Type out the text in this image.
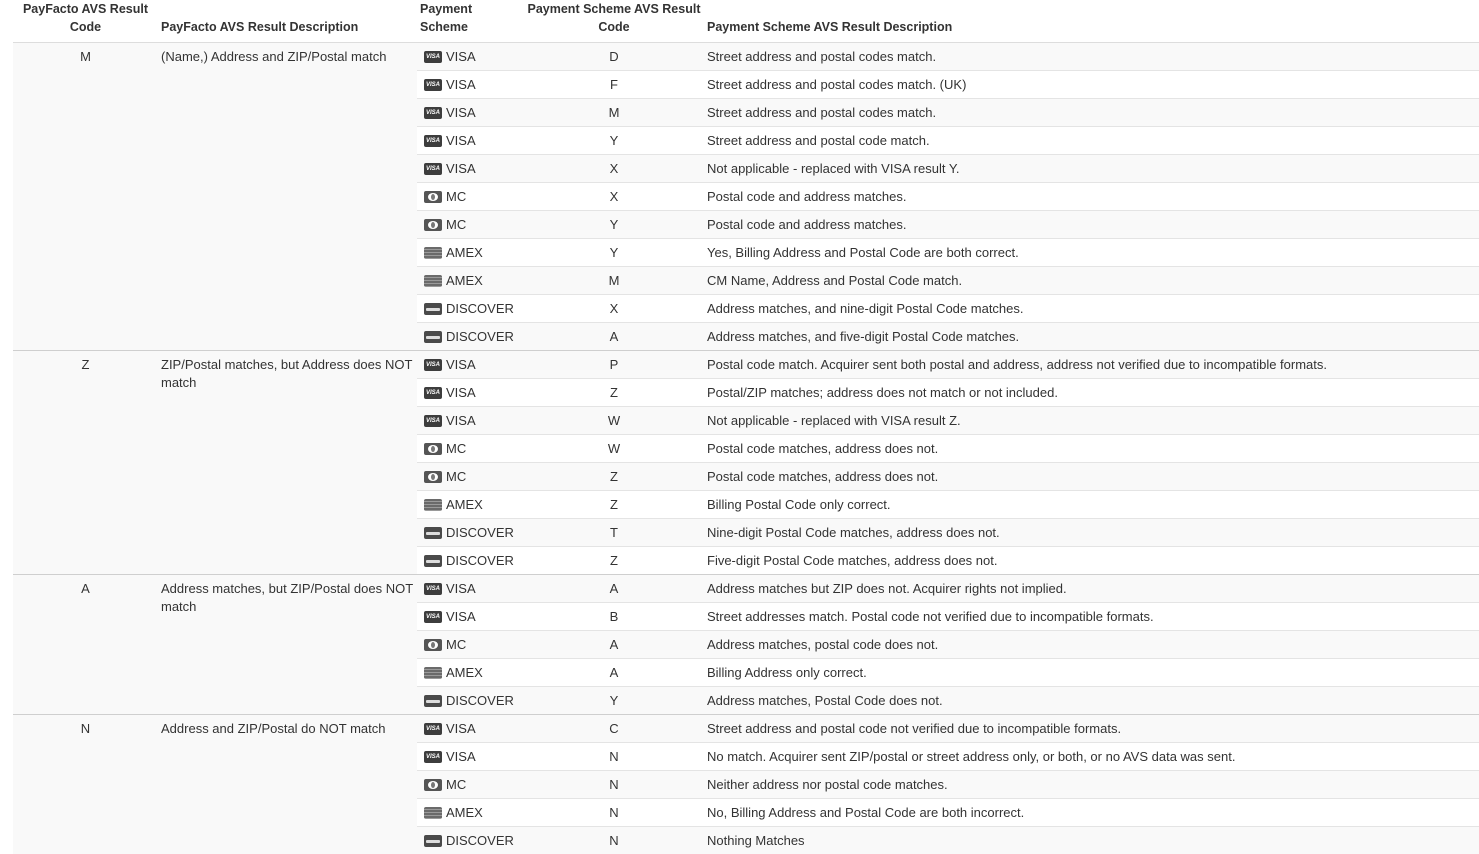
PayFacto AVS Result Code	PayFacto AVS Result Description	Payment Scheme	Payment Scheme AVS Result Code	Payment Scheme AVS Result Description
M	(Name,) Address and ZIP/Postal match	VISA VISA	D	Street address and postal codes match.

		VISA VISA	F	Street address and postal codes match. (UK)

		VISA VISA	M	Street address and postal codes match.

		VISA VISA	Y	Street address and postal code match.

		VISA VISA	X	Not applicable - replaced with VISA result Y.

		MC	X	Postal code and address matches.

		MC	Y	Postal code and address matches.

		AMEX	Y	Yes, Billing Address and Postal Code are both correct.

		AMEX	M	CM Name, Address and Postal Code match.

		DISCOVER	X	Address matches, and nine-digit Postal Code matches.

		DISCOVER	A	Address matches, and five-digit Postal Code matches.
Z	ZIP/Postal matches, but Address does NOT match	VISA VISA	P	Postal code match. Acquirer sent both postal and address, address not verified due to incompatible formats.

		VISA VISA	Z	Postal/ZIP matches; address does not match or not included.

		VISA VISA	W	Not applicable - replaced with VISA result Z.

		MC	W	Postal code matches, address does not.

		MC	Z	Postal code matches, address does not.

		AMEX	Z	Billing Postal Code only correct.

		DISCOVER	T	Nine-digit Postal Code matches, address does not.

		DISCOVER	Z	Five-digit Postal Code matches, address does not.
A	Address matches, but ZIP/Postal does NOT match	VISA VISA	A	Address matches but ZIP does not. Acquirer rights not implied.

		VISA VISA	B	Street addresses match. Postal code not verified due to incompatible formats.

		MC	A	Address matches, postal code does not.

		AMEX	A	Billing Address only correct.

		DISCOVER	Y	Address matches, Postal Code does not.
N	Address and ZIP/Postal do NOT match	VISA VISA	C	Street address and postal code not verified due to incompatible formats.

		VISA VISA	N	No match. Acquirer sent ZIP/postal or street address only, or both, or no AVS data was sent.

		MC	N	Neither address nor postal code matches.

		AMEX	N	No, Billing Address and Postal Code are both incorrect.

		DISCOVER	N	Nothing Matches
